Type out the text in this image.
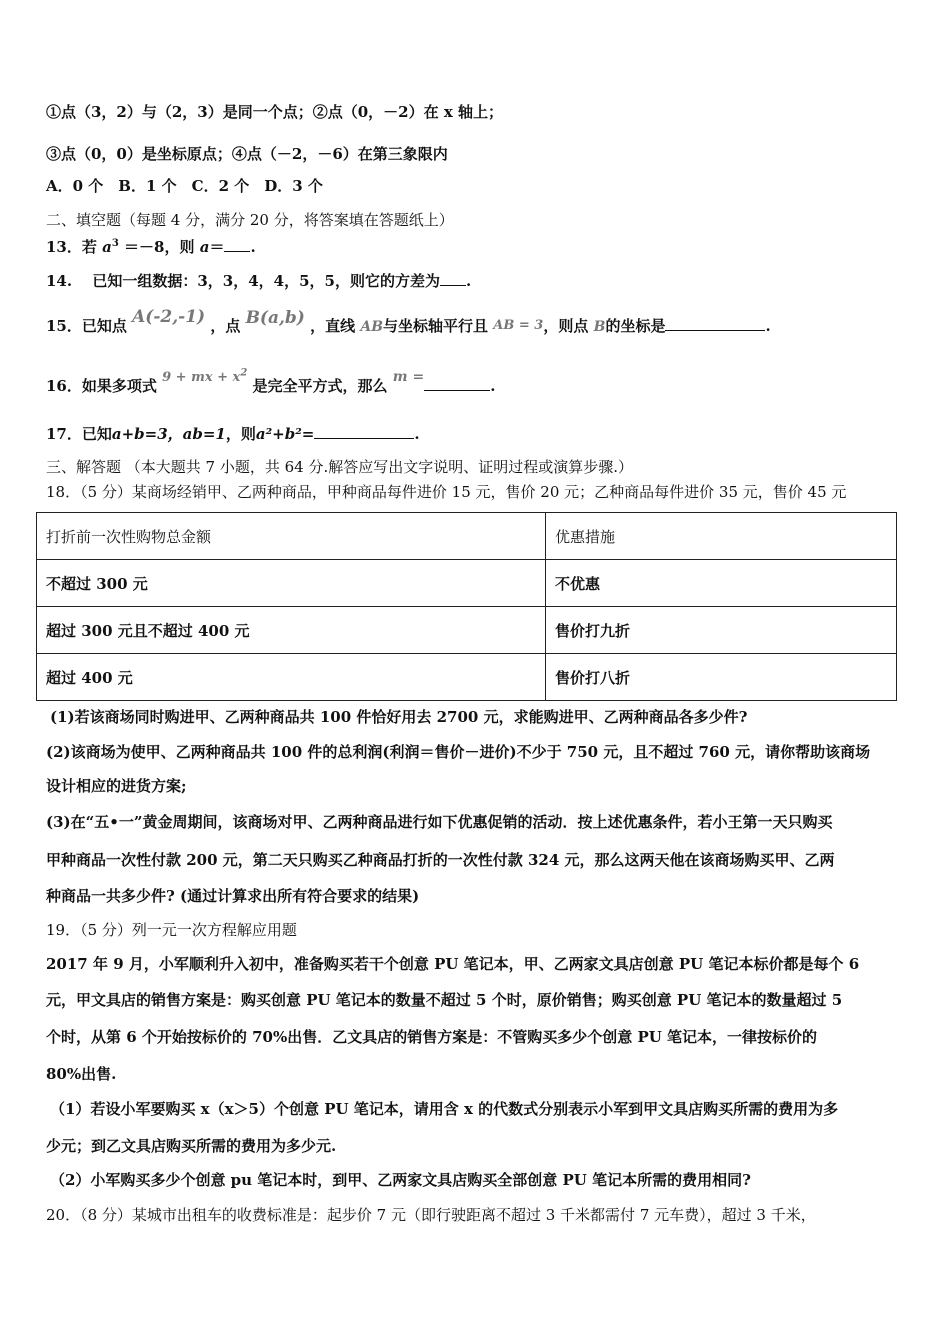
①点（3，2）与（2，3）是同一个点；②点（0，－2）在 x 轴上；
③点（0，0）是坐标原点；④点（－2，－6）在第三象限内
A．0 个　B．1 个　C．2 个　D．3 个
二、填空题（每题 4 分，满分 20 分，将答案填在答题纸上）
13．若 $a^3 =-8$，则 a＝ .
14.　 已知一组数据：3，3，4，4，5，5，则它的方差为 .
15．已知点 A(-2,-1) ，点 B(a,b) ，直线 AB与坐标轴平行且 AB = 3，则点 B的坐标是	.
16．如果多项式 9 + mx + $x^2$ 是完全平方式，那么 m =	.
17．已知a+b=3，ab=1，则a²+b²=	.
三、解答题 （本大题共 7 小题，共 64 分.解答应写出文字说明、证明过程或演算步骤.）
18．（5 分）某商场经销甲、乙两种商品，甲种商品每件进价 15 元，售价 20 元；乙种商品每件进价 35 元，售价 45 元
打折前一次性购物总金额	优惠措施
不超过 300 元	不优惠
超过 300 元且不超过 400 元	售价打九折
超过 400 元	售价打八折
(1)若该商场同时购进甲、乙两种商品共 100 件恰好用去 2700 元，求能购进甲、乙两种商品各多少件?
(2)该商场为使甲、乙两种商品共 100 件的总利润(利润＝售价－进价)不少于 750 元，且不超过 760 元，请你帮助该商场
设计相应的进货方案;
(3)在“五•一”黄金周期间，该商场对甲、乙两种商品进行如下优惠促销的活动．按上述优惠条件，若小王第一天只购买
甲种商品一次性付款 200 元，第二天只购买乙种商品打折的一次性付款 324 元，那么这两天他在该商场购买甲、乙两
种商品一共多少件? (通过计算求出所有符合要求的结果)
19．（5 分）列一元一次方程解应用题
2017 年 9 月，小军顺利升入初中，准备购买若干个创意 PU 笔记本，甲、乙两家文具店创意 PU 笔记本标价都是每个 6
元，甲文具店的销售方案是：购买创意 PU 笔记本的数量不超过 5 个时，原价销售；购买创意 PU 笔记本的数量超过 5
个时，从第 6 个开始按标价的 70%出售．乙文具店的销售方案是：不管购买多少个创意 PU 笔记本，一律按标价的
80%出售.
（1）若设小军要购买 x（x＞5）个创意 PU 笔记本，请用含 x 的代数式分别表示小军到甲文具店购买所需的费用为多
少元；到乙文具店购买所需的费用为多少元.
（2）小军购买多少个创意 pu 笔记本时，到甲、乙两家文具店购买全部创意 PU 笔记本所需的费用相同?
20．（8 分）某城市出租车的收费标准是：起步价 7 元（即行驶距离不超过 3 千米都需付 7 元车费），超过 3 千米，
